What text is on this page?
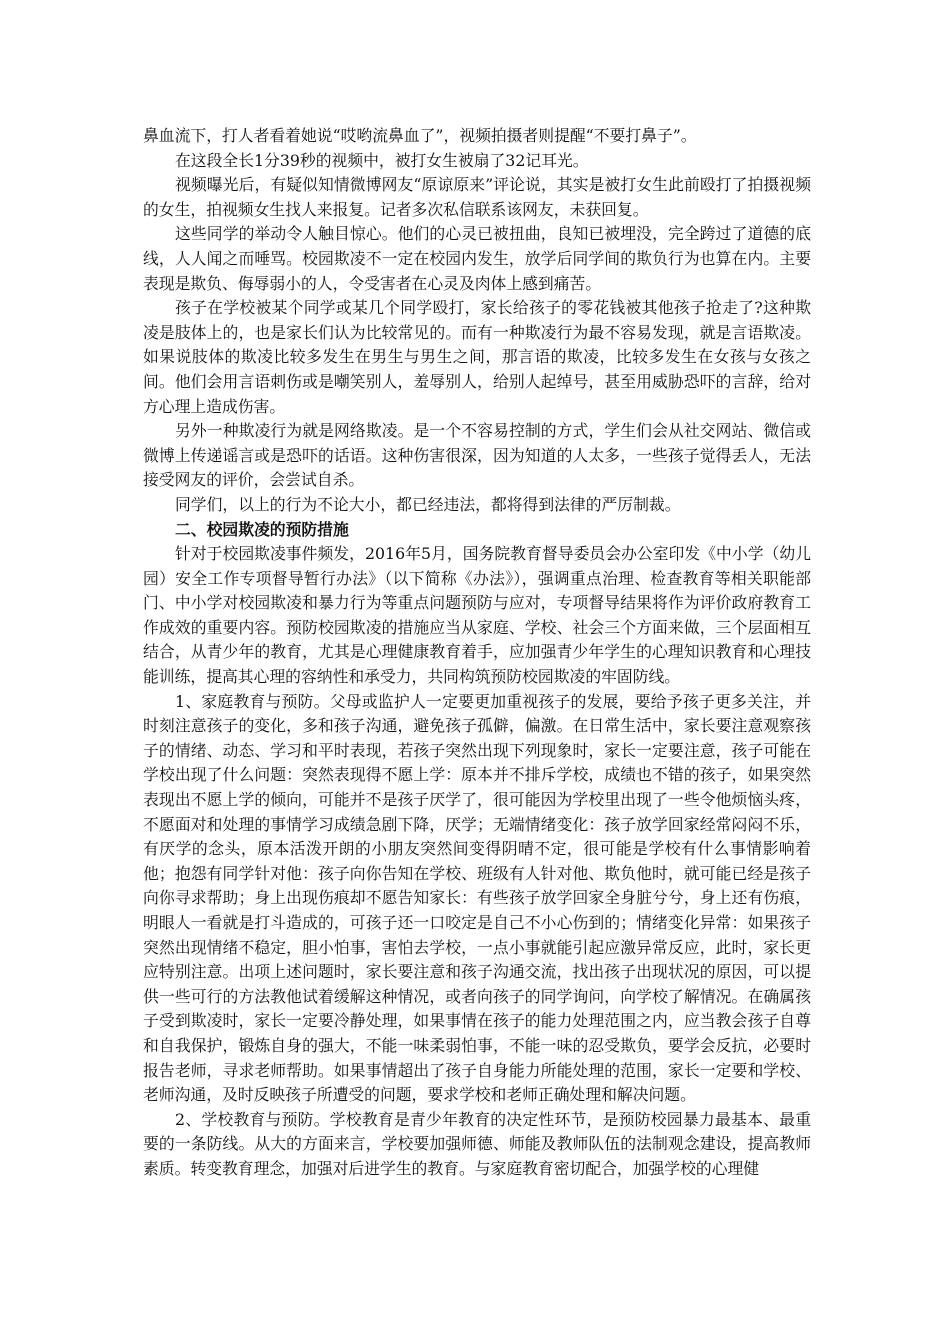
鼻血流下，打人者看着她说“哎哟流鼻血了”，视频拍摄者则提醒“不要打鼻子”。

在这段全长1分39秒的视频中，被打女生被扇了32记耳光。

视频曝光后，有疑似知情微博网友“原谅原来”评论说，其实是被打女生此前殴打了拍摄视频的女生，拍视频女生找人来报复。记者多次私信联系该网友，未获回复。

这些同学的举动令人触目惊心。他们的心灵已被扭曲，良知已被埋没，完全跨过了道德的底线，人人闻之而唾骂。校园欺凌不一定在校园内发生，放学后同学间的欺负行为也算在内。主要表现是欺负、侮辱弱小的人，令受害者在心灵及肉体上感到痛苦。

孩子在学校被某个同学或某几个同学殴打，家长给孩子的零花钱被其他孩子抢走了?这种欺凌是肢体上的，也是家长们认为比较常见的。而有一种欺凌行为最不容易发现，就是言语欺凌。如果说肢体的欺凌比较多发生在男生与男生之间，那言语的欺凌，比较多发生在女孩与女孩之间。他们会用言语刺伤或是嘲笑别人，羞辱别人，给别人起绰号，甚至用威胁恐吓的言辞，给对方心理上造成伤害。

另外一种欺凌行为就是网络欺凌。是一个不容易控制的方式，学生们会从社交网站、微信或微博上传递谣言或是恐吓的话语。这种伤害很深，因为知道的人太多，一些孩子觉得丢人，无法接受网友的评价，会尝试自杀。

同学们，以上的行为不论大小，都已经违法，都将得到法律的严厉制裁。

二、校园欺凌的预防措施

针对于校园欺凌事件频发，2016年5月，国务院教育督导委员会办公室印发《中小学（幼儿园）安全工作专项督导暂行办法》（以下简称《办法》），强调重点治理、检查教育等相关职能部门、中小学对校园欺凌和暴力行为等重点问题预防与应对，专项督导结果将作为评价政府教育工作成效的重要内容。预防校园欺凌的措施应当从家庭、学校、社会三个方面来做，三个层面相互结合，从青少年的教育，尤其是心理健康教育着手，应加强青少年学生的心理知识教育和心理技能训练，提高其心理的容纳性和承受力，共同构筑预防校园欺凌的牢固防线。

1、家庭教育与预防。父母或监护人一定要更加重视孩子的发展，要给予孩子更多关注，并时刻注意孩子的变化，多和孩子沟通，避免孩子孤僻，偏激。在日常生活中，家长要注意观察孩子的情绪、动态、学习和平时表现，若孩子突然出现下列现象时，家长一定要注意，孩子可能在学校出现了什么问题：突然表现得不愿上学：原本并不排斥学校，成绩也不错的孩子，如果突然表现出不愿上学的倾向，可能并不是孩子厌学了，很可能因为学校里出现了一些令他烦恼头疼，不愿面对和处理的事情学习成绩急剧下降，厌学；无端情绪变化：孩子放学回家经常闷闷不乐，有厌学的念头，原本活泼开朗的小朋友突然间变得阴晴不定，很可能是学校有什么事情影响着他；抱怨有同学针对他：孩子向你告知在学校、班级有人针对他、欺负他时，就可能已经是孩子向你寻求帮助；身上出现伤痕却不愿告知家长：有些孩子放学回家全身脏兮兮，身上还有伤痕，明眼人一看就是打斗造成的，可孩子还一口咬定是自己不小心伤到的；情绪变化异常：如果孩子突然出现情绪不稳定，胆小怕事，害怕去学校，一点小事就能引起应激异常反应，此时，家长更应特别注意。出项上述问题时，家长要注意和孩子沟通交流，找出孩子出现状况的原因，可以提供一些可行的方法教他试着缓解这种情况，或者向孩子的同学询问，向学校了解情况。在确属孩子受到欺凌时，家长一定要冷静处理，如果事情在孩子的能力处理范围之内，应当教会孩子自尊和自我保护，锻炼自身的强大，不能一味柔弱怕事，不能一味的忍受欺负，要学会反抗，必要时报告老师，寻求老师帮助。如果事情超出了孩子自身能力所能处理的范围，家长一定要和学校、老师沟通，及时反映孩子所遭受的问题，要求学校和老师正确处理和解决问题。

2、学校教育与预防。学校教育是青少年教育的决定性环节，是预防校园暴力最基本、最重要的一条防线。从大的方面来言，学校要加强师德、师能及教师队伍的法制观念建设，提高教师素质。转变教育理念，加强对后进学生的教育。与家庭教育密切配合，加强学校的心理健
